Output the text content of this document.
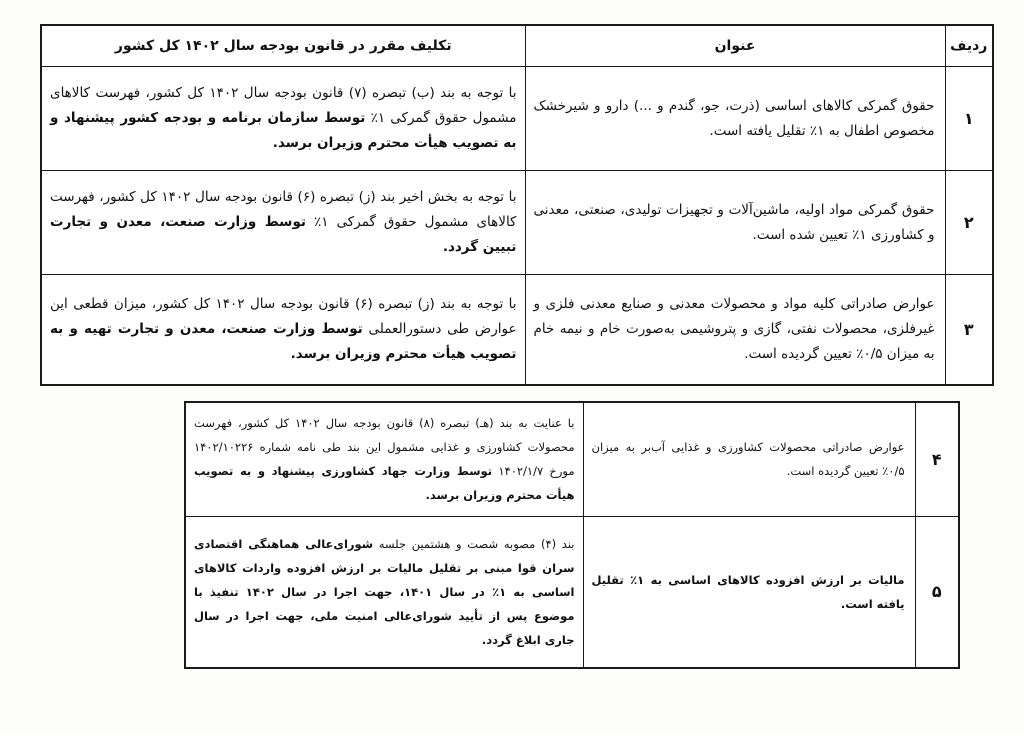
ردیف	عنوان	تکلیف مقرر در قانون بودجه سال ۱۴۰۲ کل کشور
۱	حقوق گمرکی کالاهای اساسی (ذرت، جو، گندم و ...) دارو و شیرخشک مخصوص اطفال به ۱٪ تقلیل یافته است.	با توجه به بند (ب) تبصره (۷) قانون بودجه سال ۱۴۰۲ کل کشور، فهرست کالاهای مشمول حقوق گمرکی ۱٪ توسط سازمان برنامه و بودجه کشور پیشنهاد و به تصویب هیأت محترم وزیران برسد.
۲	حقوق گمرکی مواد اولیه، ماشین‌آلات و تجهیزات تولیدی، صنعتی، معدنی و کشاورزی ۱٪ تعیین شده است.	با توجه به بخش اخیر بند (ز) تبصره (۶) قانون بودجه سال ۱۴۰۲ کل کشور، فهرست کالاهای مشمول حقوق گمرکی ۱٪ توسط وزارت صنعت، معدن و تجارت تبیین گردد.
۳	عوارض صادراتی کلیه مواد و محصولات معدنی و صنایع معدنی فلزی و غیرفلزی، محصولات نفتی، گازی و پتروشیمی به‌صورت خام و نیمه خام به میزان ۰/۵٪ تعیین گردیده است.	با توجه به بند (ز) تبصره (۶) قانون بودجه سال ۱۴۰۲ کل کشور، میزان قطعی این عوارض طی دستورالعملی توسط وزارت صنعت، معدن و تجارت تهیه و به تصویب هیأت محترم وزیران برسد.
۴	عوارض صادراتی محصولات کشاورزی و غذایی آب‌بر به میزان ۰/۵٪ تعیین گردیده است.	با عنایت به بند (هـ) تبصره (۸) قانون بودجه سال ۱۴۰۲ کل کشور، فهرست محصولات کشاورزی و غذایی مشمول این بند طی نامه شماره ۱۴۰۲/۱۰۲۲۶ مورخ ۱۴۰۲/۱/۷ توسط وزارت جهاد کشاورزی پیشنهاد و به تصویب هیأت محترم وزیران برسد.
۵	مالیات بر ارزش افزوده کالاهای اساسی به ۱٪ تقلیل یافته است.	بند (۴) مصوبه شصت و هشتمین جلسه شورای‌عالی هماهنگی اقتصادی سران قوا مبنی بر تقلیل مالیات بر ارزش افزوده واردات کالاهای اساسی به ۱٪ در سال ۱۴۰۱، جهت اجرا در سال ۱۴۰۲ تنفیذ با موضوع پس از تأیید شورای‌عالی امنیت ملی، جهت اجرا در سال جاری ابلاغ گردد.
